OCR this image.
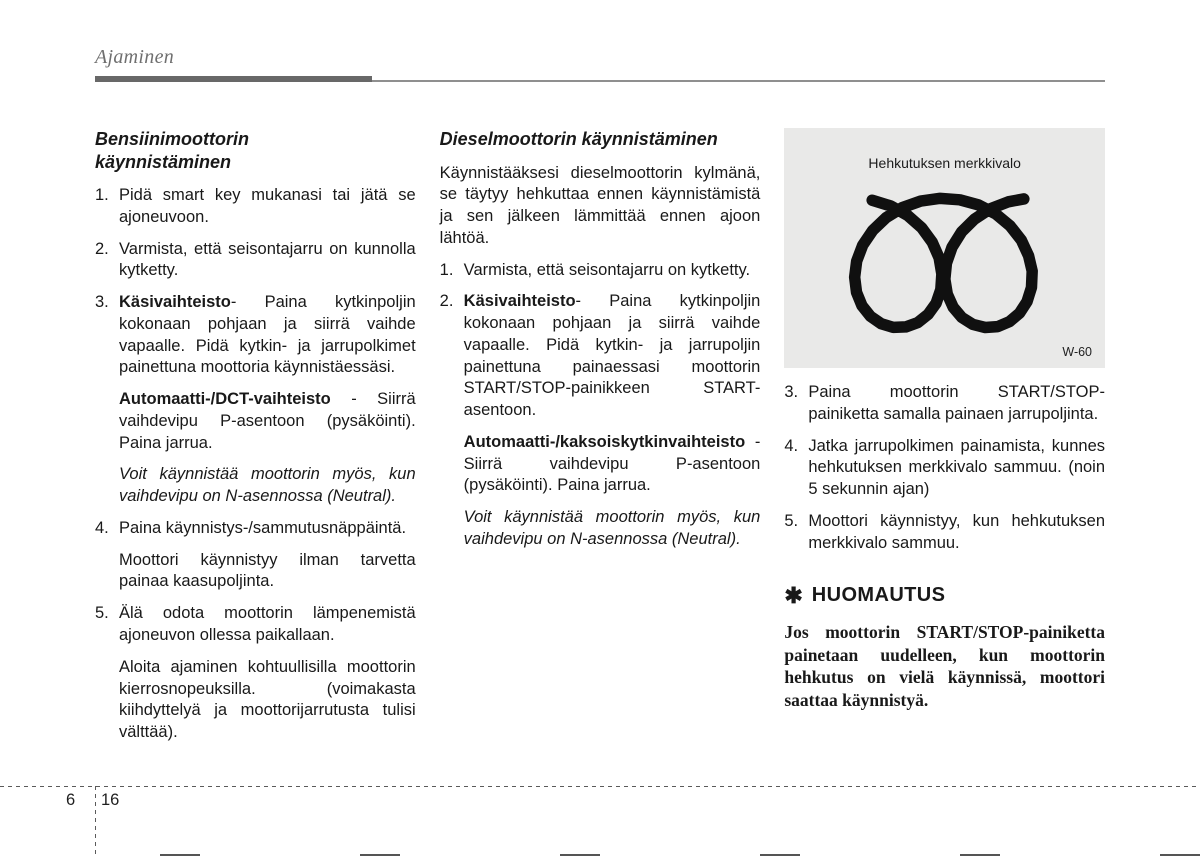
Ajaminen
Bensiinimoottorin käynnistäminen
1. Pidä smart key mukanasi tai jätä se ajoneuvoon.

2. Varmista, että seisontajarru on kunnolla kytketty.

3. Käsivaihteisto- Paina kytkinpoljin kokonaan pohjaan ja siirrä vaihde vapaalle. Pidä kytkin- ja jarrupolkimet painettuna moottoria käynnistäessäsi.

Automaatti-/DCT-vaihteisto - Siirrä vaihdevipu P-asentoon (pysäköinti). Paina jarrua.

Voit käynnistää moottorin myös, kun vaihdevipu on N-asennossa (Neutral).

4. Paina käynnistys-/sammutusnäppäintä.

Moottori käynnistyy ilman tarvetta painaa kaasupoljinta.

5. Älä odota moottorin lämpenemistä ajoneuvon ollessa paikallaan.

Aloita ajaminen kohtuullisilla moottorin kierrosnopeuksilla. (voimakasta kiihdyttelyä ja moottorijarrutusta tulisi välttää).

Dieselmoottorin käynnistäminen

Käynnistääksesi dieselmoottorin kylmänä, se täytyy hehkuttaa ennen käynnistämistä ja sen jälkeen lämmittää ennen ajoon lähtöä.

1. Varmista, että seisontajarru on kytketty.

2. Käsivaihteisto- Paina kytkinpoljin kokonaan pohjaan ja siirrä vaihde vapaalle. Pidä kytkin- ja jarrupoljin painettuna painaessasi moottorin START/STOP-painikkeen START-asentoon.

Automaatti-/kaksoiskytkinvaihteisto - Siirrä vaihdevipu P-asentoon (pysäköinti). Paina jarrua.

Voit käynnistää moottorin myös, kun vaihdevipu on N-asennossa (Neutral).

Hehkutuksen merkkivalo
W-60
3. Paina moottorin START/STOP-painiketta samalla painaen jarrupoljinta.

4. Jatka jarrupolkimen painamista, kunnes hehkutuksen merkkivalo sammuu. (noin 5 sekunnin ajan)

5. Moottori käynnistyy, kun hehkutuksen merkkivalo sammuu.

✱ HUOMAUTUS

Jos moottorin START/STOP-painiketta painetaan uudelleen, kun moottorin hehkutus on vielä käynnissä, moottori saattaa käynnistyä.

6 16
